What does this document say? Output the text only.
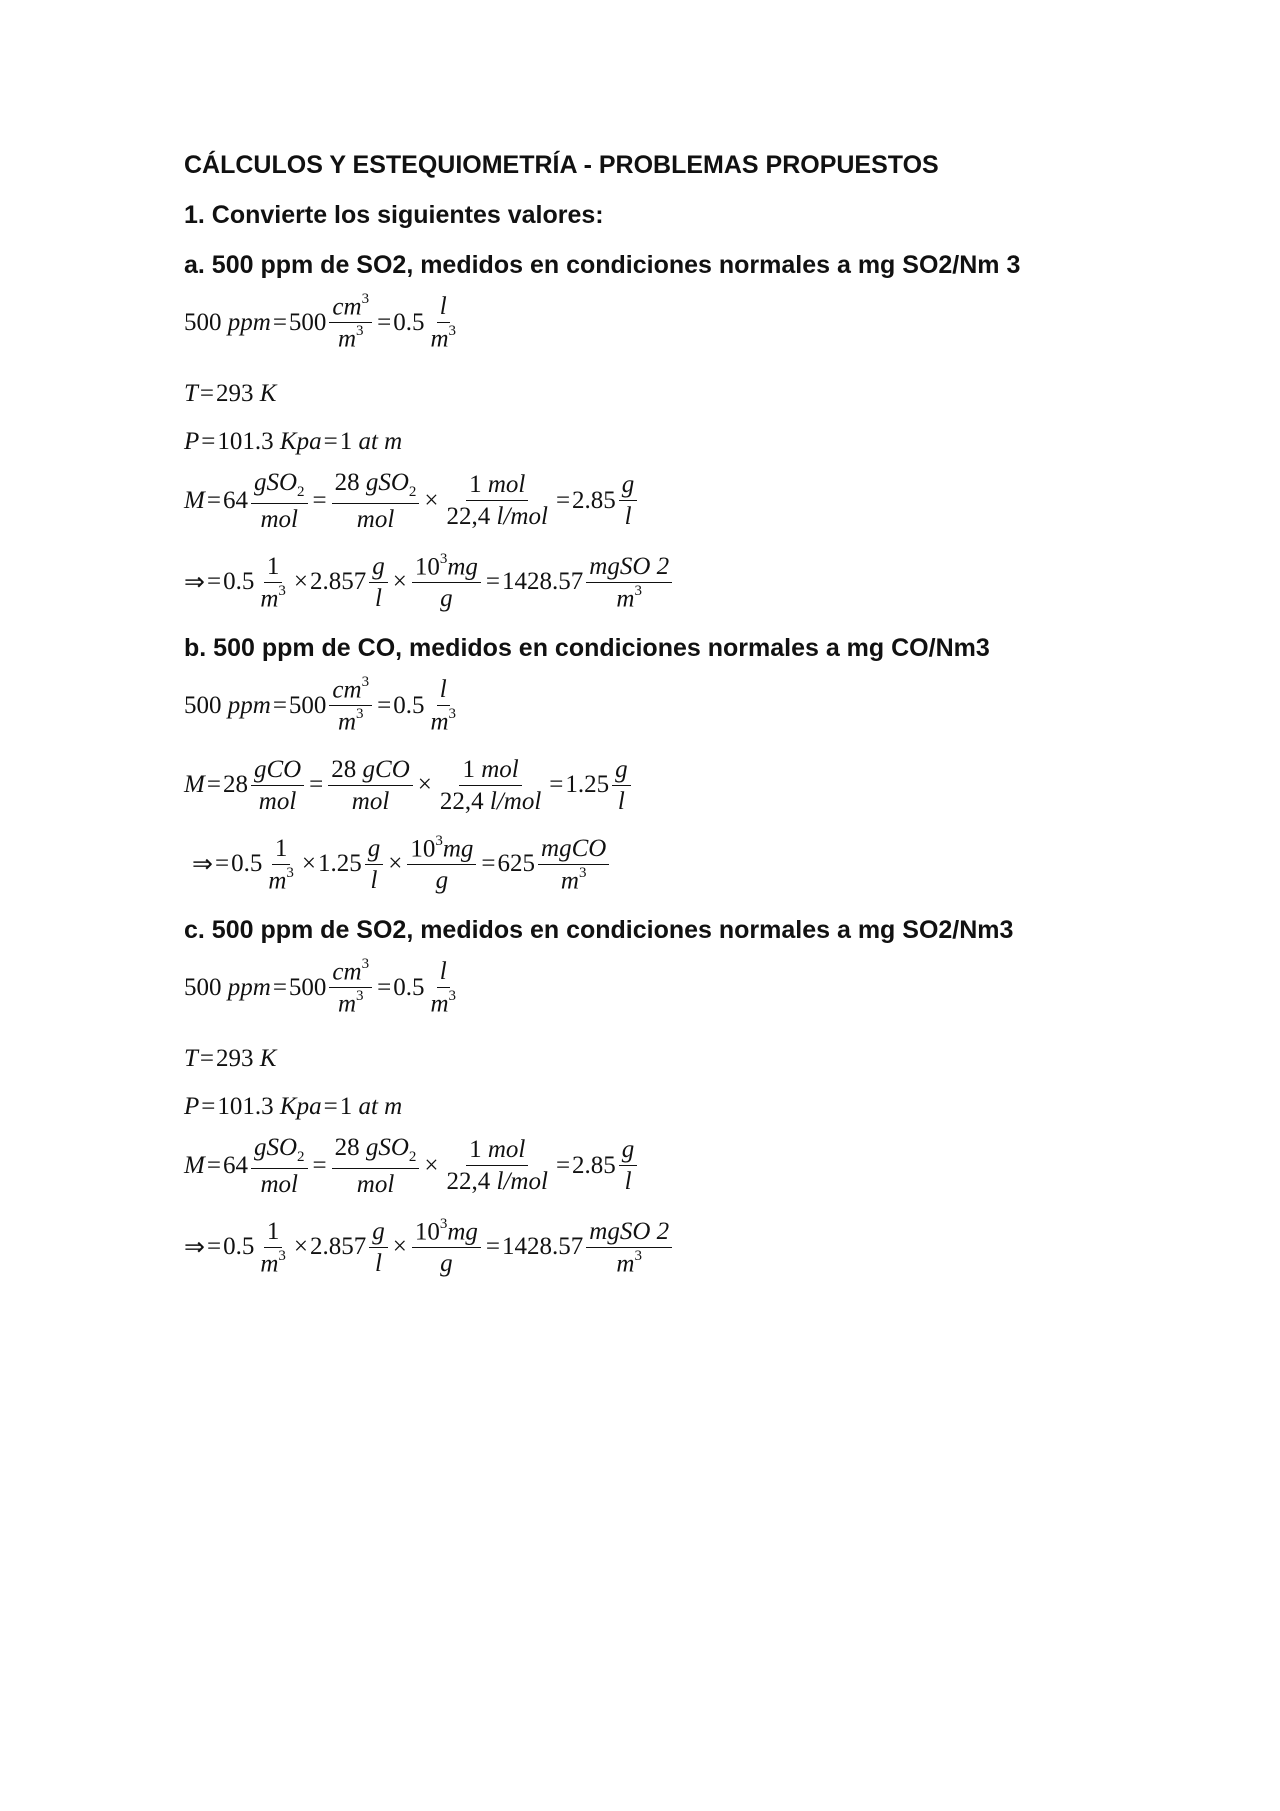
CÁLCULOS Y ESTEQUIOMETRÍA - PROBLEMAS PROPUESTOS
1. Convierte los siguientes valores:
a. 500 ppm de SO2, medidos en condiciones normales a mg SO2/Nm 3
500
ppm = $500 \frac{cm^3}{m^3} = 0.5 \frac{l}{m^3}$
T = 293
K
P = 101.3
Kpa = 1
at m
$M = 64 \frac{gSO_2}{\text{mol}} = \frac{28 gSO_2}{\text{mol}} \times \frac{\text{1 mol}}{\text{22,4 l/mol}} = 2.85 \frac{g}{l}$
⇒ = $0.5 \frac{1}{m^3} \times 2.857 \frac{g}{l} \times \frac{10^3mg}{g} = 1428.57 \frac{\text{mgSO 2}}{m^3}$
b. 500 ppm de CO, medidos en condiciones normales a mg CO/Nm3
500
ppm = $500 \frac{cm^3}{m^3} = 0.5 \frac{l}{m^3}$
$M = 28 \frac{\text{gCO}}{\text{mol}} = \frac{\text{28 gCO}}{\text{mol}} \times \frac{\text{1 mol}}{\text{22,4 l/mol}} = 1.25 \frac{g}{l}$
⇒ = $0.5 \frac{1}{m^3} \times 1.25 \frac{g}{l} \times \frac{10^3mg}{g} = 625 \frac{\text{mgCO}}{m^3}$
c. 500 ppm de SO2, medidos en condiciones normales a mg SO2/Nm3
500
ppm = $500 \frac{cm^3}{m^3} = 0.5 \frac{l}{m^3}$
T = 293
K
P = 101.3
Kpa = 1
at m
$M = 64 \frac{gSO_2}{\text{mol}} = \frac{28 gSO_2}{\text{mol}} \times \frac{\text{1 mol}}{\text{22,4 l/mol}} = 2.85 \frac{g}{l}$
⇒ = $0.5 \frac{1}{m^3} \times 2.857 \frac{g}{l} \times \frac{10^3mg}{g} = 1428.57 \frac{\text{mgSO 2}}{m^3}$
